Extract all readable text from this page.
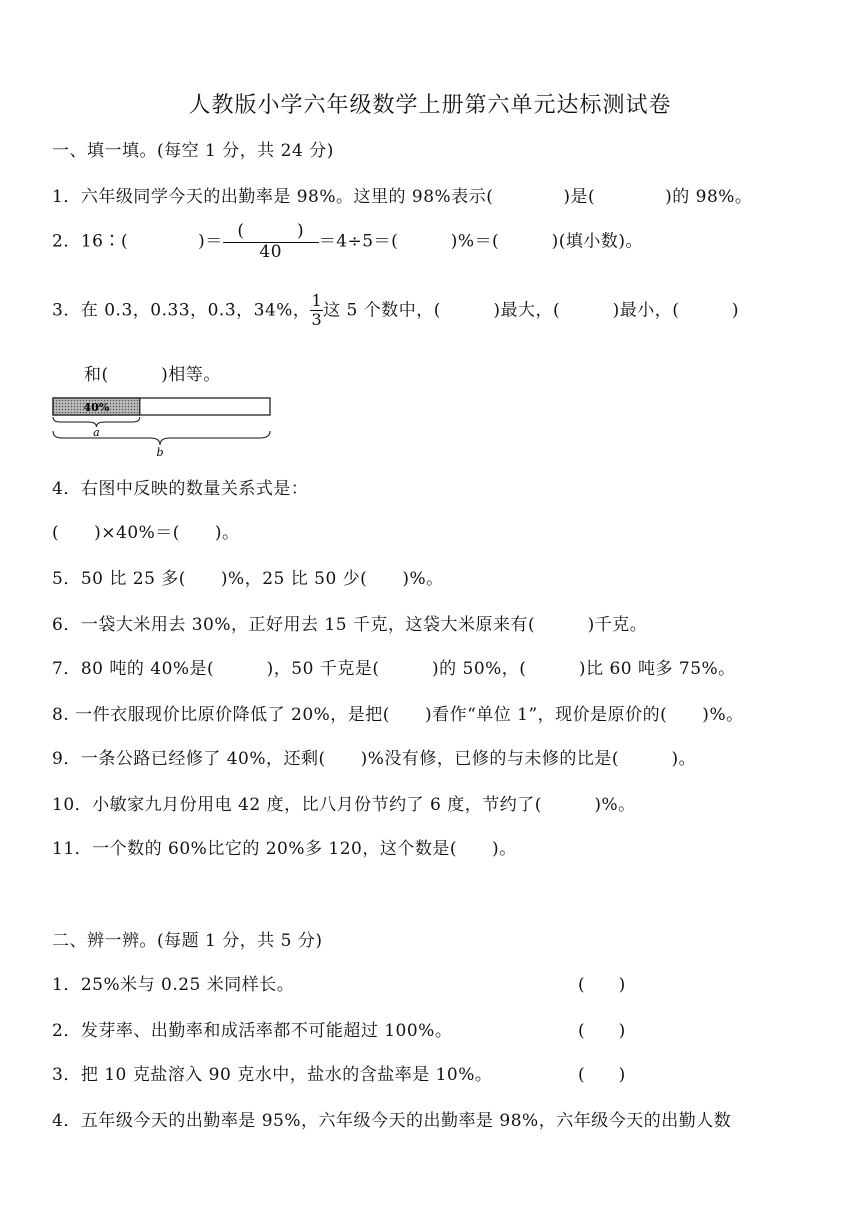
人教版小学六年级数学上册第六单元达标测试卷
一、填一填。(每空 1 分，共 24 分)
1．六年级同学今天的出勤率是 98%。这里的 98%表示(　　　　)是(　　　　)的 98%。
2．16∶(　　　　)＝ $\frac{( )}{40} =4\div 5=$(　　　)%＝(　　　)(填小数)。
3．在 0.3，0.33，0.3̇，34%， $\frac{1}{3}$ 这 5 个数中，(　　　)最大，(　　　)最小，(　　　)
和(　　　)相等。
40%
a
b
4．右图中反映的数量关系式是：
(　　)×40%＝(　　)。
5．50 比 25 多(　　)%，25 比 50 少(　　)%。
6．一袋大米用去 30%，正好用去 15 千克，这袋大米原来有(　　　)千克。
7．80 吨的 40%是(　　　)，50 千克是(　　　)的 50%，(　　　)比 60 吨多 75%。
8. 一件衣服现价比原价降低了 20%，是把(　　)看作“单位 1”，现价是原价的(　　)%。
9．一条公路已经修了 40%，还剩(　　)%没有修，已修的与未修的比是(　　　)。
10．小敏家九月份用电 42 度，比八月份节约了 6 度，节约了(　　　)%。
11．一个数的 60%比它的 20%多 120，这个数是(　　)。
二、辨一辨。(每题 1 分，共 5 分)
1．25%米与 0.25 米同样长。	(　　)
2．发芽率、出勤率和成活率都不可能超过 100%。	(　　)
3．把 10 克盐溶入 90 克水中，盐水的含盐率是 10%。	(　　)
4．五年级今天的出勤率是 95%，六年级今天的出勤率是 98%，六年级今天的出勤人数
